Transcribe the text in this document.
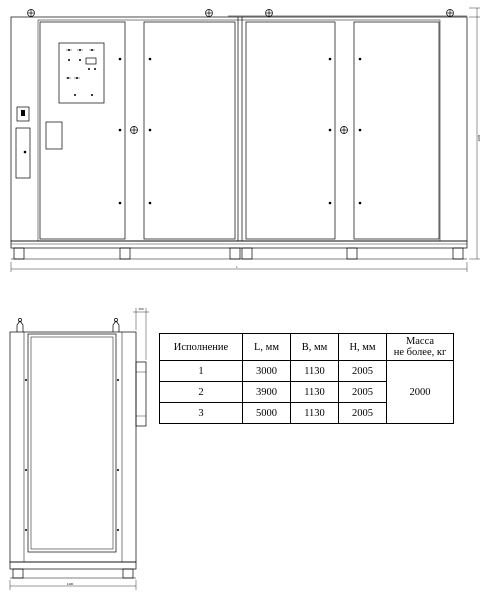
L
2005
150
1130
Исполнение	L, мм	B, мм	H, мм	Масса
не более, кг

1	3000	1130	2005	2000
2	3900	1130	2005	
3	5000	1130	2005	
